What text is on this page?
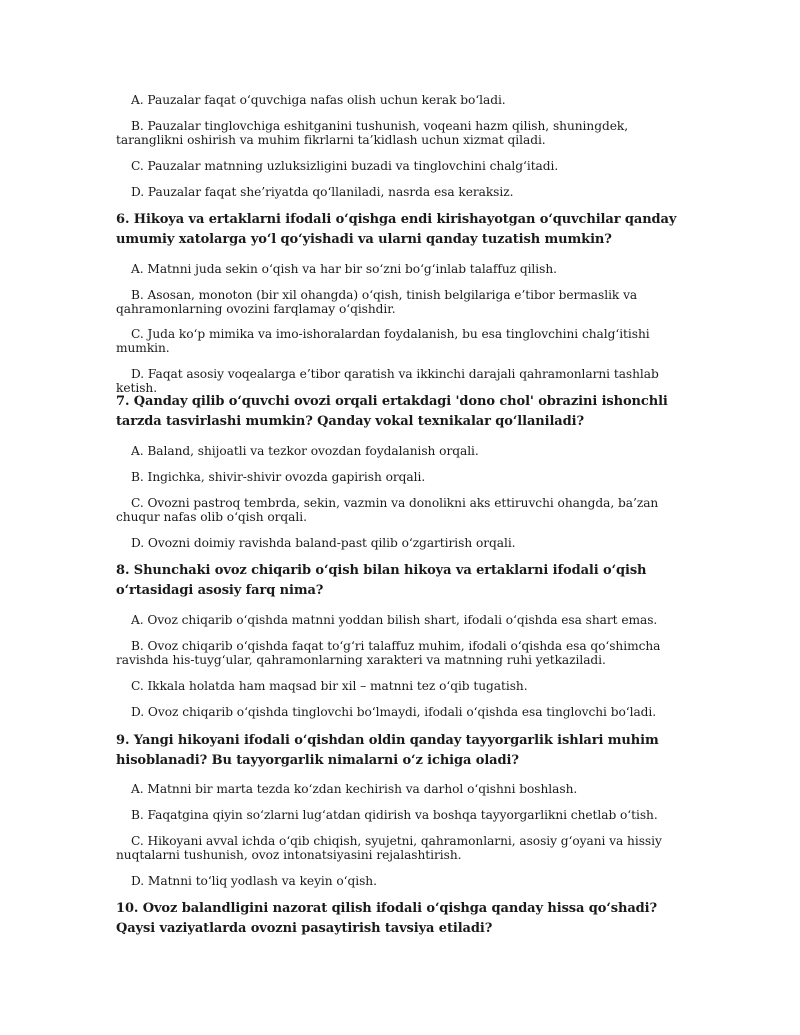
A. Pauzalar faqat o‘quvchiga nafas olish uchun kerak bo‘ladi.
B. Pauzalar tinglovchiga eshitganini tushunish, voqeani hazm qilish, shuningdek, taranglikni oshirish va muhim fikrlarni ta’kidlash uchun xizmat qiladi.
C. Pauzalar matnning uzluksizligini buzadi va tinglovchini chalg‘itadi.
D. Pauzalar faqat she’riyatda qo‘llaniladi, nasrda esa keraksiz.
6. Hikoya va ertaklarni ifodali o‘qishga endi kirishayotgan o‘quvchilar qanday umumiy xatolarga yo‘l qo‘yishadi va ularni qanday tuzatish mumkin?
A. Matnni juda sekin o‘qish va har bir so‘zni bo‘g‘inlab talaffuz qilish.
B. Asosan, monoton (bir xil ohangda) o‘qish, tinish belgilariga e’tibor bermaslik va qahramonlarning ovozini farqlamay o‘qishdir.
C. Juda ko‘p mimika va imo-ishoralardan foydalanish, bu esa tinglovchini chalg‘itishi mumkin.
D. Faqat asosiy voqealarga e’tibor qaratish va ikkinchi darajali qahramonlarni tashlab ketish.
7. Qanday qilib o‘quvchi ovozi orqali ertakdagi 'dono chol' obrazini ishonchli tarzda tasvirlashi mumkin? Qanday vokal texnikalar qo‘llaniladi?
A. Baland, shijoatli va tezkor ovozdan foydalanish orqali.
B. Ingichka, shivir-shivir ovozda gapirish orqali.
C. Ovozni pastroq tembrda, sekin, vazmin va donolikni aks ettiruvchi ohangda, ba’zan chuqur nafas olib o‘qish orqali.
D. Ovozni doimiy ravishda baland-past qilib o‘zgartirish orqali.
8. Shunchaki ovoz chiqarib o‘qish bilan hikoya va ertaklarni ifodali o‘qish o‘rtasidagi asosiy farq nima?
A. Ovoz chiqarib o‘qishda matnni yoddan bilish shart, ifodali o‘qishda esa shart emas.
B. Ovoz chiqarib o‘qishda faqat to‘g‘ri talaffuz muhim, ifodali o‘qishda esa qo‘shimcha ravishda his-tuyg‘ular, qahramonlarning xarakteri va matnning ruhi yetkaziladi.
C. Ikkala holatda ham maqsad bir xil – matnni tez o‘qib tugatish.
D. Ovoz chiqarib o‘qishda tinglovchi bo‘lmaydi, ifodali o‘qishda esa tinglovchi bo‘ladi.
9. Yangi hikoyani ifodali o‘qishdan oldin qanday tayyorgarlik ishlari muhim hisoblanadi? Bu tayyorgarlik nimalarni o‘z ichiga oladi?
A. Matnni bir marta tezda ko‘zdan kechirish va darhol o‘qishni boshlash.
B. Faqatgina qiyin so‘zlarni lug‘atdan qidirish va boshqa tayyorgarlikni chetlab o‘tish.
C. Hikoyani avval ichda o‘qib chiqish, syujetni, qahramonlarni, asosiy g‘oyani va hissiy nuqtalarni tushunish, ovoz intonatsiyasini rejalashtirish.
D. Matnni to‘liq yodlash va keyin o‘qish.
10. Ovoz balandligini nazorat qilish ifodali o‘qishga qanday hissa qo‘shadi? Qaysi vaziyatlarda ovozni pasaytirish tavsiya etiladi?
